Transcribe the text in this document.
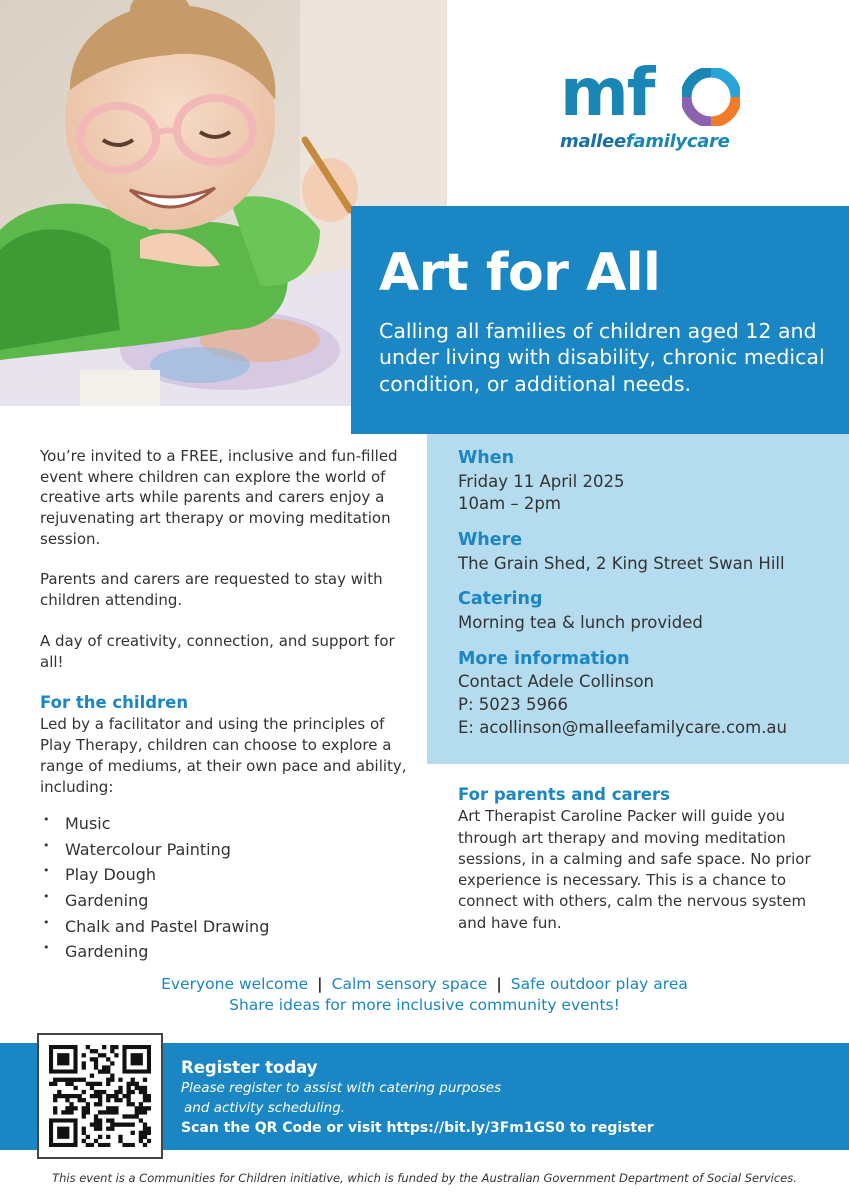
mf
malleefamilycare
Art for All

Calling all families of children aged 12 and under living with disability, chronic medical condition, or additional needs.

You’re invited to a FREE, inclusive and fun-filled event where children can explore the world of creative arts while parents and carers enjoy a rejuvenating art therapy or moving meditation session.

Parents and carers are requested to stay with children attending.

A day of creativity, connection, and support for all!

For the children
Led by a facilitator and using the principles of Play Therapy, children can choose to explore a range of mediums, at their own pace and ability, including:
• Music
• Watercolour Painting
• Play Dough
• Gardening
• Chalk and Pastel Drawing
• Gardening
When
Friday 11 April 2025
10am – 2pm
Where
The Grain Shed, 2 King Street Swan Hill
Catering
Morning tea & lunch provided
More information
Contact Adele Collinson
P: 5023 5966
E: acollinson@malleefamilycare.com.au
For parents and carers

Art Therapist Caroline Packer will guide you through art therapy and moving meditation sessions, in a calming and safe space. No prior experience is necessary. This is a chance to connect with others, calm the nervous system and have fun.

Everyone welcome | Calm sensory space | Safe outdoor play area
Share ideas for more inclusive community events!
Register today
Please register to assist with catering purposes
and activity scheduling.
Scan the QR Code or visit https://bit.ly/3Fm1GS0 to register
This event is a Communities for Children initiative, which is funded by the Australian Government Department of Social Services.
